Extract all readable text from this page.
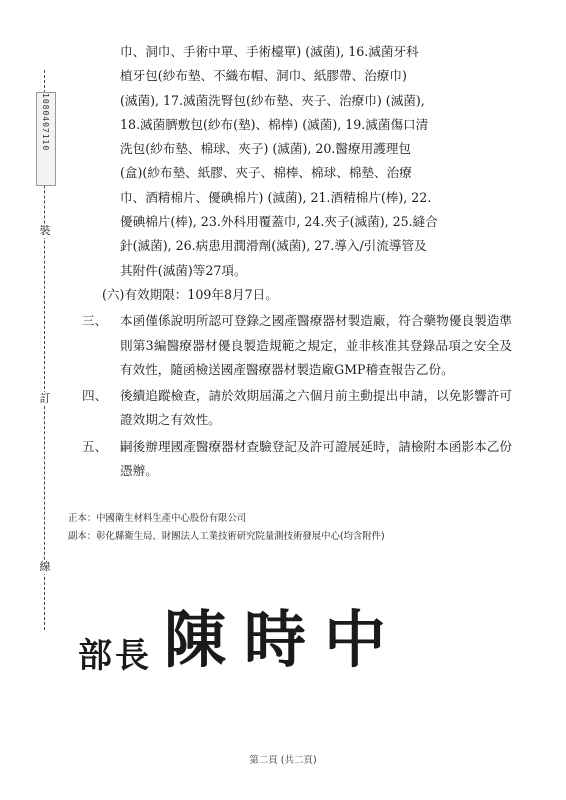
1080407110
裝
訂
線
巾、洞巾、手術中單、手術檯單) (滅菌), 16.滅菌牙科
植牙包(紗布墊、不織布帽、洞巾、紙膠帶、治療巾)
(滅菌), 17.滅菌洗腎包(紗布墊、夾子、治療巾) (滅菌),
18.滅菌臍敷包(紗布(墊)、棉棒) (滅菌), 19.滅菌傷口清
洗包(紗布墊、棉球、夾子) (滅菌), 20.醫療用護理包
(盒)(紗布墊、紙膠、夾子、棉棒、棉球、棉墊、治療
巾、酒精棉片、優碘棉片) (滅菌), 21.酒精棉片(棒), 22.
優碘棉片(棒), 23.外科用覆蓋巾, 24.夾子(滅菌), 25.縫合
針(滅菌), 26.病患用潤滑劑(滅菌), 27.導入/引流導管及
其附件(滅菌)等27項。
(六)有效期限：109年8月7日。
三、	本函僅係說明所認可登錄之國產醫療器材製造廠，符合藥物優良製造準則第3編醫療器材優良製造規範之規定，並非核准其登錄品項之安全及有效性，隨函檢送國產醫療器材製造廠GMP稽查報告乙份。
四、	後續追蹤檢查，請於效期屆滿之六個月前主動提出申請，以免影響許可證效期之有效性。
五、	嗣後辦理國產醫療器材查驗登記及許可證展延時，請檢附本函影本乙份憑辦。
正本：中國衛生材料生產中心股份有限公司
副本：彰化縣衛生局、財團法人工業技術研究院量測技術發展中心(均含附件)
部長 陳時中
第二頁 (共二頁)
